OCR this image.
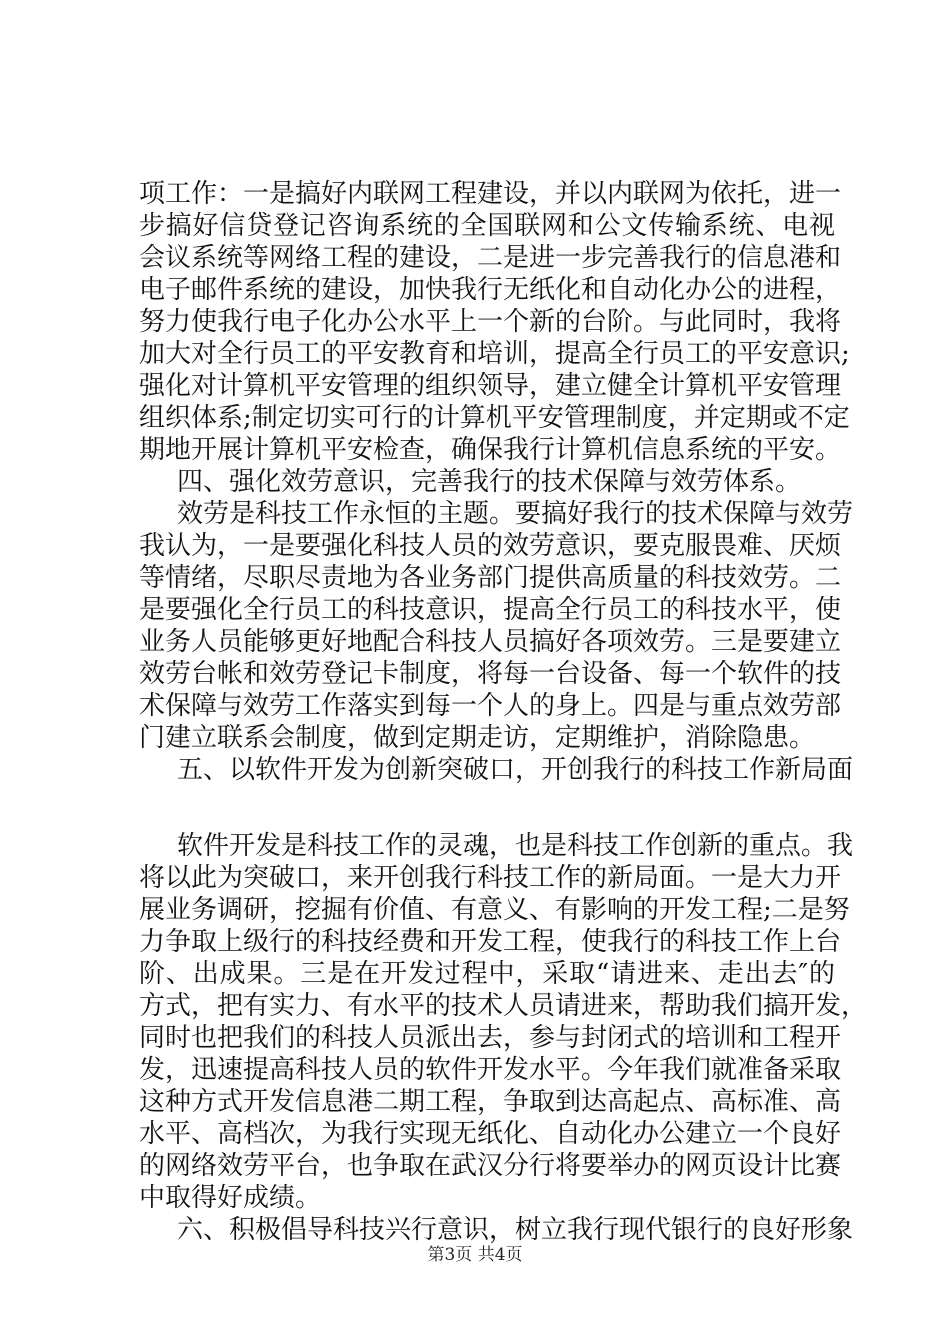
项工作：一是搞好内联网工程建设，并以内联网为依托，进一
步搞好信贷登记咨询系统的全国联网和公文传输系统、电视
会议系统等网络工程的建设，二是进一步完善我行的信息港和
电子邮件系统的建设，加快我行无纸化和自动化办公的进程，
努力使我行电子化办公水平上一个新的台阶。与此同时，我将
加大对全行员工的平安教育和培训，提高全行员工的平安意识;
强化对计算机平安管理的组织领导，建立健全计算机平安管理
组织体系;制定切实可行的计算机平安管理制度，并定期或不定
期地开展计算机平安检查，确保我行计算机信息系统的平安。
四、强化效劳意识，完善我行的技术保障与效劳体系。
效劳是科技工作永恒的主题。要搞好我行的技术保障与效劳
我认为，一是要强化科技人员的效劳意识，要克服畏难、厌烦
等情绪，尽职尽责地为各业务部门提供高质量的科技效劳。二
是要强化全行员工的科技意识，提高全行员工的科技水平，使
业务人员能够更好地配合科技人员搞好各项效劳。三是要建立
效劳台帐和效劳登记卡制度，将每一台设备、每一个软件的技
术保障与效劳工作落实到每一个人的身上。四是与重点效劳部
门建立联系会制度，做到定期走访，定期维护，消除隐患。
五、以软件开发为创新突破口，开创我行的科技工作新局面
软件开发是科技工作的灵魂，也是科技工作创新的重点。我
将以此为突破口，来开创我行科技工作的新局面。一是大力开
展业务调研，挖掘有价值、有意义、有影响的开发工程;二是努
力争取上级行的科技经费和开发工程，使我行的科技工作上台
阶、出成果。三是在开发过程中，采取“请进来、走出去″的
方式，把有实力、有水平的技术人员请进来，帮助我们搞开发，
同时也把我们的科技人员派出去，参与封闭式的培训和工程开
发，迅速提高科技人员的软件开发水平。今年我们就准备采取
这种方式开发信息港二期工程，争取到达高起点、高标准、高
水平、高档次，为我行实现无纸化、自动化办公建立一个良好
的网络效劳平台，也争取在武汉分行将要举办的网页设计比赛
中取得好成绩。
六、积极倡导科技兴行意识，树立我行现代银行的良好形象
第3页 共4页
